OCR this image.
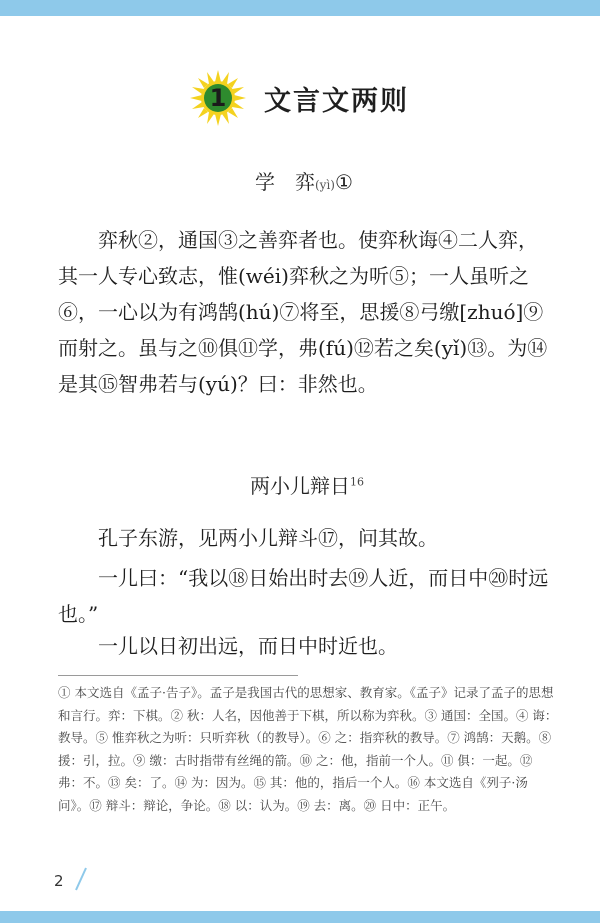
1	文言文两则
学　弈(yì)①
弈秋②，通国③之善弈者也。使弈秋诲④二人弈，其一人专心致志，惟(wéi)弈秋之为听⑤；一人虽听之⑥，一心以为有鸿鹄(hú)⑦将至，思援⑧弓缴[zhuó]⑨而射之。虽与之⑩俱⑪学，弗(fú)⑫若之矣(yǐ)⑬。为⑭是其⑮智弗若与(yú)？曰：非然也。
两小儿辩日$^{16}$
孔子东游，见两小儿辩斗⑰，问其故。
一儿曰：“我以⑱日始出时去⑲人近，而日中⑳时远也。”
一儿以日初出远，而日中时近也。
① 本文选自《孟子·告子》。孟子是我国古代的思想家、教育家。《孟子》记录了孟子的思想和言行。弈：下棋。② 秋：人名，因他善于下棋，所以称为弈秋。③ 通国：全国。④ 诲：教导。⑤ 惟弈秋之为听：只听弈秋（的教导）。⑥ 之：指弈秋的教导。⑦ 鸿鹄：天鹅。⑧ 援：引，拉。⑨ 缴：古时指带有丝绳的箭。⑩ 之：他，指前一个人。⑪ 俱：一起。⑫ 弗：不。⑬ 矣：了。⑭ 为：因为。⑮ 其：他的，指后一个人。⑯ 本文选自《列子·汤问》。⑰ 辩斗：辩论，争论。⑱ 以：认为。⑲ 去：离。⑳ 日中：正午。
2
